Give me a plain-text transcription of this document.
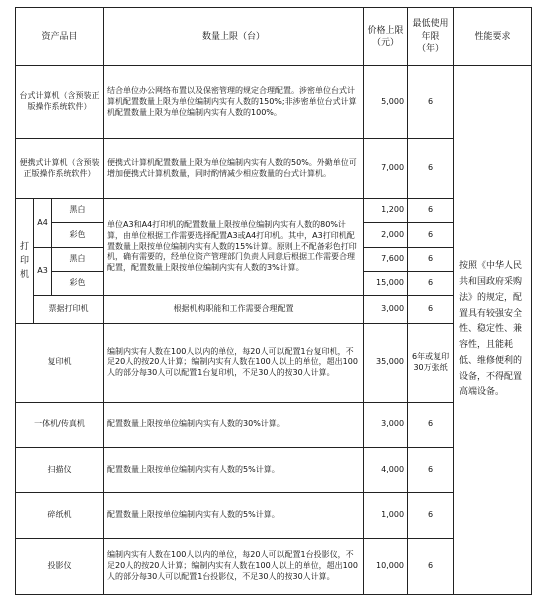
资产品目			数量上限（台）	价格上限（元）	最低使用年限（年）	性能要求
台式计算机（含预装正版操作系统软件）			结合单位办公网络布置以及保密管理的规定合理配置。涉密单位台式计算机配置数量上限为单位编制内实有人数的150%;非涉密单位台式计算机配置数量上限为单位编制内实有人数的100%。	5,000	6	按照《中华人民共和国政府采购法》的规定，配置具有较强安全性、稳定性、兼容性，且能耗低、维修便利的设备，不得配置高端设备。
便携式计算机（含预装正版操作系统软件）			便携式计算机配置数量上限为单位编制内实有人数的50%。外勤单位可增加便携式计算机数量，同时酌情减少相应数量的台式计算机。	7,000	6	
打印机	A4	黑白	单位A3和A4打印机的配置数量上限按单位编制内实有人数的80%计算，由单位根据工作需要选择配置A3或A4打印机。其中，A3打印机配置数量上限按单位编制内实有人数的15%计算。原则上不配备彩色打印机，确有需要的，经单位资产管理部门负责人同意后根据工作需要合理配置，配置数量上限按单位编制内实有人数的3%计算。	1,200	6	
		彩色		2,000	6	
	A3	黑白		7,600	6	
		彩色		15,000	6	
	票据打印机		根据机构职能和工作需要合理配置	3,000	6	
复印机			编制内实有人数在100人以内的单位，每20人可以配置1台复印机，不足20人的按20人计算；编制内实有人数在100人以上的单位，超出100人的部分每30人可以配置1台复印机，不足30人的按30人计算。	35,000	6年或复印30万张纸	
一体机/传真机			配置数量上限按单位编制内实有人数的30%计算。	3,000	6	
扫描仪			配置数量上限按单位编制内实有人数的5%计算。	4,000	6	
碎纸机			配置数量上限按单位编制内实有人数的5%计算。	1,000	6	
投影仪			编制内实有人数在100人以内的单位，每20人可以配置1台投影仪，不足20人的按20人计算；编制内实有人数在100人以上的单位，超出100人的部分每30人可以配置1台投影仪，不足30人的按30人计算。	10,000	6	
